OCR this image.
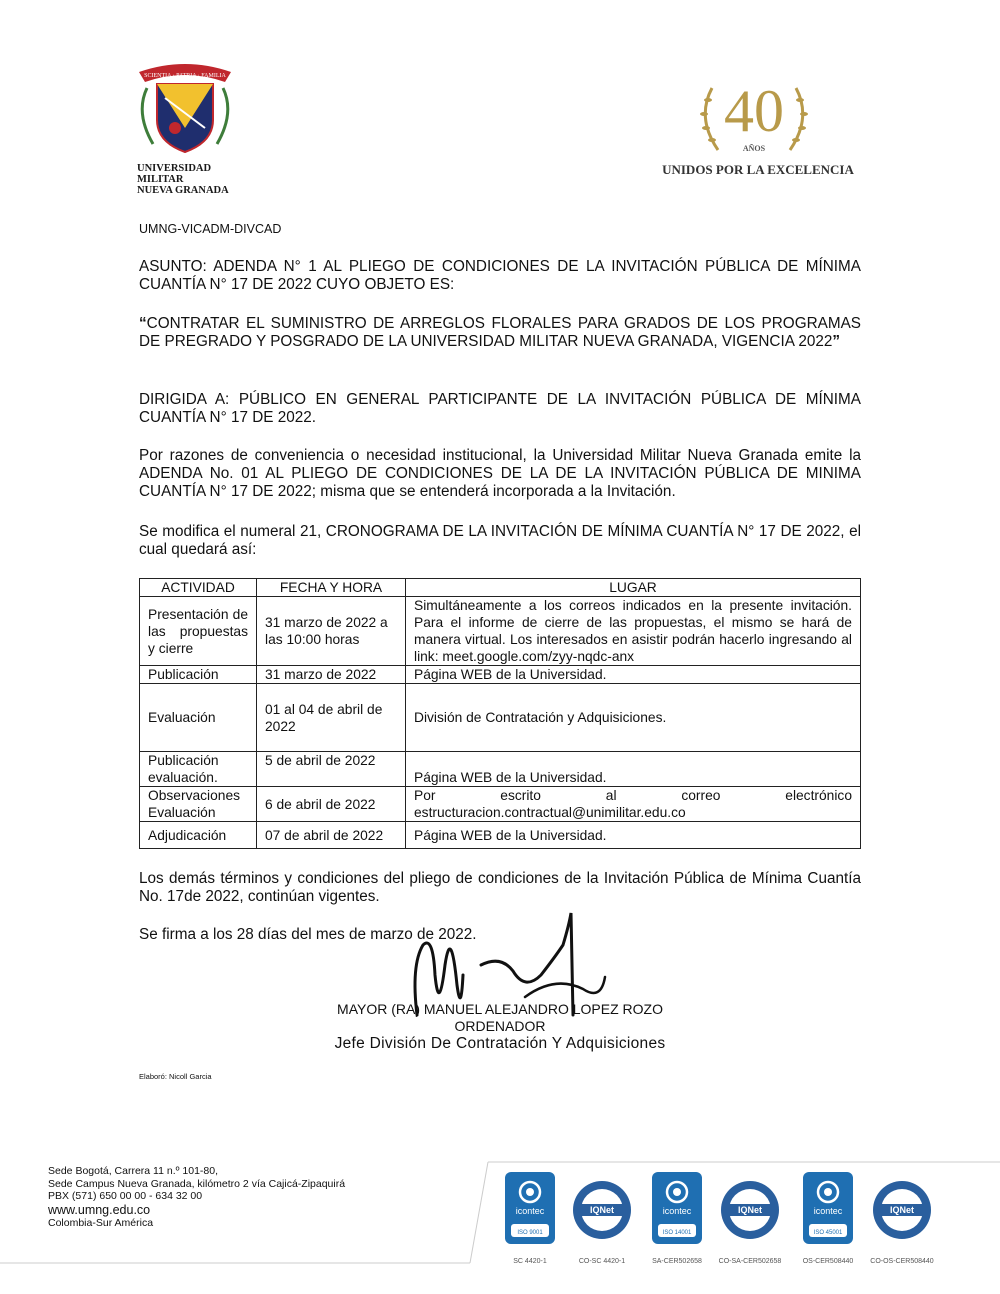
SCIENTIA · PATRIA · FAMILIA
UNIVERSIDAD MILITAR
NUEVA GRANADA
40
AÑOS
UNIDOS POR LA EXCELENCIA
UMNG-VICADM-DIVCAD
ASUNTO: ADENDA N° 1 AL PLIEGO DE CONDICIONES DE LA INVITACIÓN PÚBLICA DE MÍNIMA CUANTÍA N° 17 DE 2022 CUYO OBJETO ES:
“CONTRATAR EL SUMINISTRO DE ARREGLOS FLORALES PARA GRADOS DE LOS PROGRAMAS DE PREGRADO Y POSGRADO DE LA UNIVERSIDAD MILITAR NUEVA GRANADA, VIGENCIA 2022”
DIRIGIDA A: PÚBLICO EN GENERAL PARTICIPANTE DE LA INVITACIÓN PÚBLICA DE MÍNIMA CUANTÍA N° 17 DE 2022.
Por razones de conveniencia o necesidad institucional, la Universidad Militar Nueva Granada emite la ADENDA No. 01 AL PLIEGO DE CONDICIONES DE LA DE LA INVITACIÓN PÚBLICA DE MINIMA CUANTÍA N° 17 DE 2022; misma que se entenderá incorporada a la Invitación.
Se modifica el numeral 21, CRONOGRAMA DE LA INVITACIÓN DE MÍNIMA CUANTÍA N° 17 DE 2022, el cual quedará así:
ACTIVIDAD	FECHA Y HORA	LUGAR
Presentación de las propuestas y cierre	31 marzo de 2022 a las 10:00 horas	Simultáneamente a los correos indicados en la presente invitación. Para el informe de cierre de las propuestas, el mismo se hará de manera virtual. Los interesados en asistir podrán hacerlo ingresando al link: meet.google.com/zyy-nqdc-anx
Publicación	31 marzo de 2022	Página WEB de la Universidad.
Evaluación	01 al 04 de abril de 2022	División de Contratación y Adquisiciones.
Publicación evaluación.	5 de abril de 2022	Página WEB de la Universidad.
Observaciones Evaluación	6 de abril de 2022	Por escrito al correo electrónico estructuracion.contractual@unimilitar.edu.co
Adjudicación	07 de abril de 2022	Página WEB de la Universidad.
Los demás términos y condiciones del pliego de condiciones de la Invitación Pública de Mínima Cuantía No. 17de 2022, continúan vigentes.
Se firma a los 28 días del mes de marzo de 2022.
MAYOR (RA) MANUEL ALEJANDRO LOPEZ ROZO
ORDENADOR
Jefe División De Contratación Y Adquisiciones
Elaboró: Nicoll Garcia
Sede Bogotá, Carrera 11 n.º 101-80,
Sede Campus Nueva Granada, kilómetro 2 vía Cajicá-Zipaquirá
PBX (571) 650 00 00 - 634 32 00
www.umng.edu.co
Colombia-Sur América
icontec
ISO 9001
SC 4420-1
IQNet
CO-SC 4420-1
icontec
ISO 14001
SA-CER502658
IQNet
CO-SA-CER502658
icontec
ISO 45001
OS-CER508440
IQNet
CO-OS-CER508440
